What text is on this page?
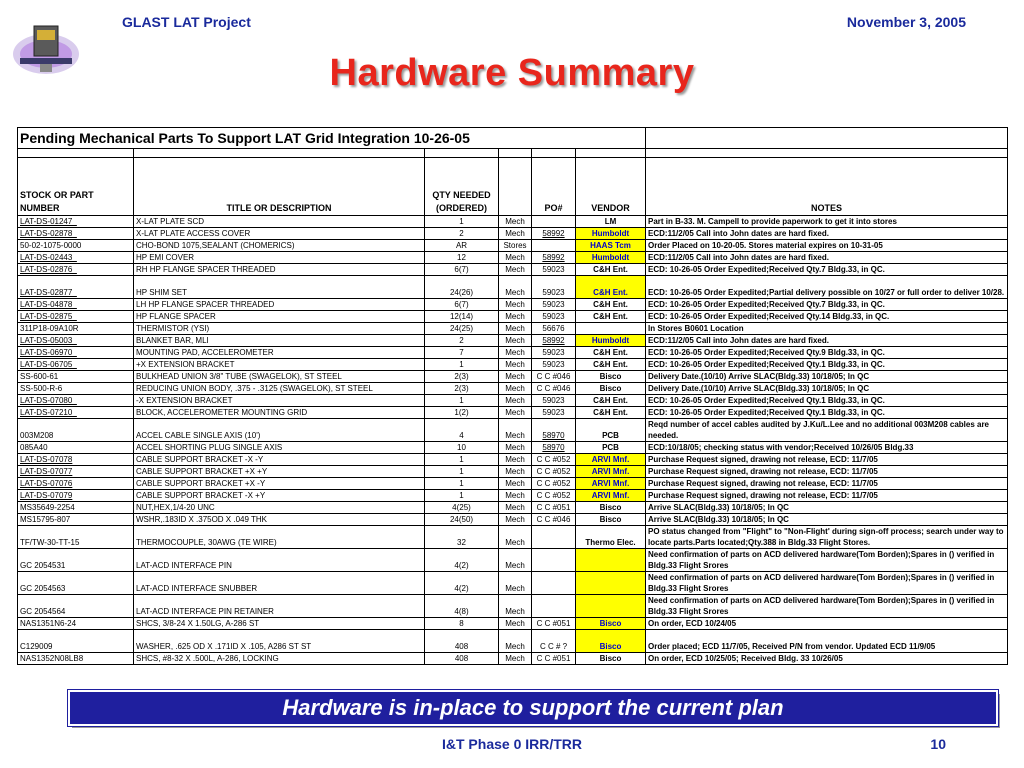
GLAST LAT Project	November 3, 2005
Hardware Summary
Pending Mechanical Parts To Support LAT Grid Integration 10-26-05						

STOCK OR PART NUMBER	TITLE OR DESCRIPTION	QTY NEEDED (ORDERED)		PO#	VENDOR	NOTES
LAT-DS-01247_	X-LAT PLATE SCD	1	Mech		LM	Part in B-33. M. Campell to provide paperwork to get it into stores
LAT-DS-02878_	X-LAT PLATE ACCESS COVER	2	Mech	58992	Humboldt	ECD:11/2/05 Call into John dates are hard fixed.
50-02-1075-0000	CHO-BOND 1075,SEALANT (CHOMERICS)	AR	Stores		HAAS Tcm	Order Placed on 10-20-05. Stores material expires on 10-31-05
LAT-DS-02443_	HP EMI COVER	12	Mech	58992	Humboldt	ECD:11/2/05 Call into John dates are hard fixed.
LAT-DS-02876_	RH HP FLANGE SPACER THREADED	6(7)	Mech	59023	C&H Ent.	ECD: 10-26-05 Order Expedited;Received Qty.7 Bldg.33, in QC.
LAT-DS-02877_	HP SHIM SET	24(26)	Mech	59023	C&H Ent.	ECD: 10-26-05 Order Expedited;Partial delivery possible on 10/27 or full order to deliver 10/28.
LAT-DS-04878_	LH HP FLANGE SPACER THREADED	6(7)	Mech	59023	C&H Ent.	ECD: 10-26-05 Order Expedited;Received Qty.7 Bldg.33, in QC.
LAT-DS-02875_	HP FLANGE SPACER	12(14)	Mech	59023	C&H Ent.	ECD: 10-26-05 Order Expedited;Received Qty.14 Bldg.33, in QC.
311P18-09A10R	THERMISTOR (YSI)	24(25)	Mech	56676		In Stores B0601 Location
LAT-DS-05003_	BLANKET BAR, MLI	2	Mech	58992	Humboldt	ECD:11/2/05 Call into John dates are hard fixed.
LAT-DS-06970_	MOUNTING PAD, ACCELEROMETER	7	Mech	59023	C&H Ent.	ECD: 10-26-05 Order Expedited;Received Qty.9 Bldg.33, in QC.
LAT-DS-06705_	+X EXTENSION BRACKET	1	Mech	59023	C&H Ent.	ECD: 10-26-05 Order Expedited;Received Qty.1 Bldg.33, in QC.
SS-600-61	BULKHEAD UNION 3/8" TUBE (SWAGELOK), ST STEEL	2(3)	Mech	C C #046	Bisco	Delivery Date.(10/10) Arrive SLAC(Bldg.33) 10/18/05; In QC
SS-500-R-6	REDUCING UNION BODY, .375 - .3125 (SWAGELOK), ST STEEL	2(3)	Mech	C C #046	Bisco	Delivery Date.(10/10) Arrive SLAC(Bldg.33) 10/18/05; In QC
LAT-DS-07080_	-X EXTENSION BRACKET	1	Mech	59023	C&H Ent.	ECD: 10-26-05 Order Expedited;Received Qty.1 Bldg.33, in QC.
LAT-DS-07210_	BLOCK, ACCELEROMETER MOUNTING GRID	1(2)	Mech	59023	C&H Ent.	ECD: 10-26-05 Order Expedited;Received Qty.1 Bldg.33, in QC.
003M208	ACCEL CABLE SINGLE AXIS (10')	4	Mech	58970	PCB	Reqd number of accel cables audited by J.Ku/L.Lee and no additional 003M208 cables are needed.
085A40	ACCEL SHORTING PLUG SINGLE AXIS	10	Mech	58970	PCB	ECD:10/18/05; checking status with vendor;Received 10/26/05 Bldg.33
LAT-DS-07078	CABLE SUPPORT BRACKET -X -Y	1	Mech	C C #052	ARVI Mnf.	Purchase Request signed, drawing not release, ECD: 11/7/05
LAT-DS-07077	CABLE SUPPORT BRACKET +X +Y	1	Mech	C C #052	ARVI Mnf.	Purchase Request signed, drawing not release, ECD: 11/7/05
LAT-DS-07076	CABLE SUPPORT BRACKET +X -Y	1	Mech	C C #052	ARVI Mnf.	Purchase Request signed, drawing not release, ECD: 11/7/05
LAT-DS-07079	CABLE SUPPORT BRACKET -X +Y	1	Mech	C C #052	ARVI Mnf.	Purchase Request signed, drawing not release, ECD: 11/7/05
MS35649-2254	NUT,HEX,1/4-20 UNC	4(25)	Mech	C C #051	Bisco	Arrive SLAC(Bldg.33) 10/18/05; In QC
MS15795-807	WSHR,.183ID X .375OD X .049 THK	24(50)	Mech	C C #046	Bisco	Arrive SLAC(Bldg.33) 10/18/05; In QC
TF/TW-30-TT-15	THERMOCOUPLE, 30AWG (TE WIRE)	32	Mech		Thermo Elec.	PO status changed from "Flight" to "Non-Flight' during sign-off process; search under way to locate parts.Parts located;Qty.388 in Bldg.33 Flight Stores.
GC 2054531	LAT-ACD INTERFACE PIN	4(2)	Mech			Need confirmation of parts on ACD delivered hardware(Tom Borden);Spares in () verified in Bldg.33 Flight Srores
GC 2054563	LAT-ACD INTERFACE SNUBBER	4(2)	Mech			Need confirmation of parts on ACD delivered hardware(Tom Borden);Spares in () verified in Bldg.33 Flight Srores
GC 2054564	LAT-ACD INTERFACE PIN RETAINER	4(8)	Mech			Need confirmation of parts on ACD delivered hardware(Tom Borden);Spares in () verified in Bldg.33 Flight Srores
NAS1351N6-24	SHCS, 3/8-24 X 1.50LG, A-286 ST	8	Mech	C C #051	Bisco	On order, ECD 10/24/05
C129009	WASHER, .625 OD X .171ID X .105, A286 ST ST	408	Mech	C C # ?	Bisco	Order placed; ECD 11/7/05, Received P/N from vendor. Updated ECD 11/9/05
NAS1352N08LB8	SHCS, #8-32 X .500L, A-286, LOCKING	408	Mech	C C #051	Bisco	On order, ECD 10/25/05; Received Bldg. 33 10/26/05
Hardware is in-place to support the current plan
I&T Phase 0 IRR/TRR	10
